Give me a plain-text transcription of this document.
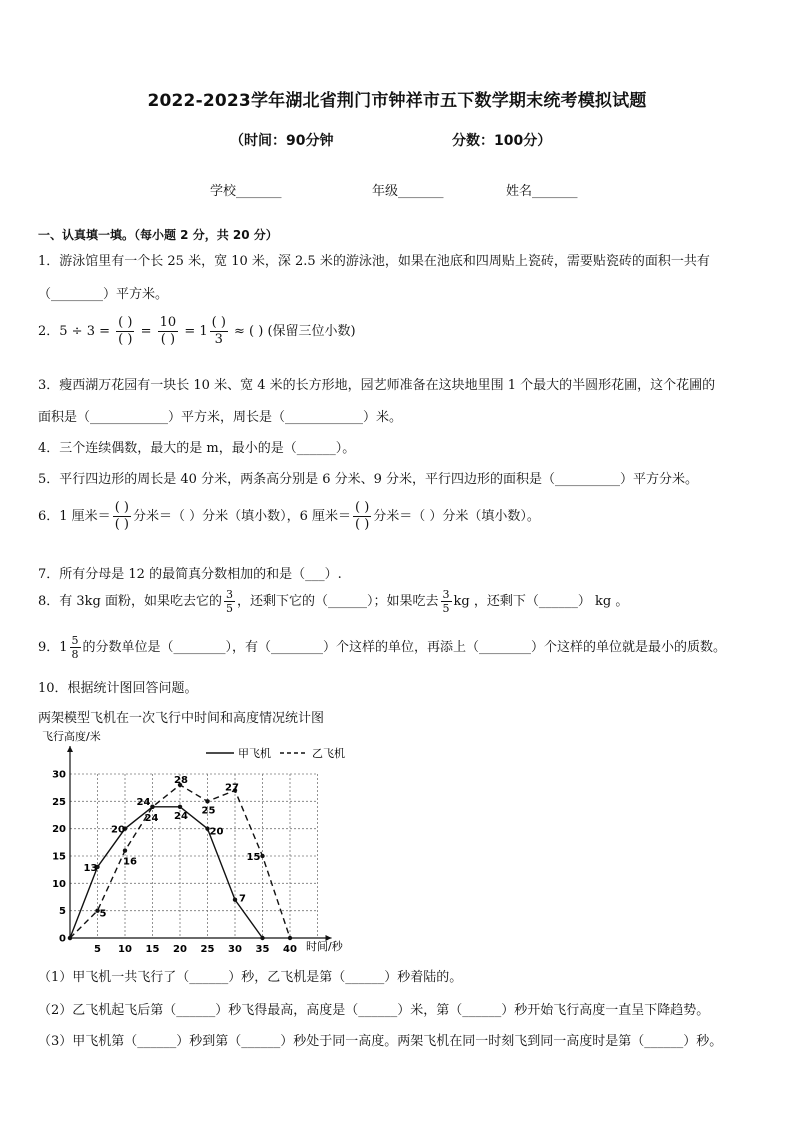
2022-2023学年湖北省荆门市钟祥市五下数学期末统考模拟试题
（时间：90分钟	分数：100分）
学校_______	年级_______	姓名_______
一、认真填一填。（每小题 2 分，共 20 分）
1．游泳馆里有一个长 25 米，宽 10 米，深 2.5 米的游泳池，如果在池底和四周贴上瓷砖，需要贴瓷砖的面积一共有
（________）平方米。
2．$5 \div 3 = \frac{( )}{( )} = \frac{10}{( )} = 1 \frac{( )}{3}$ ≈ ( ) (保留三位小数)
3．瘦西湖万花园有一块长 10 米、宽 4 米的长方形地，园艺师准备在这块地里围 1 个最大的半圆形花圃，这个花圃的
面积是（____________）平方米，周长是（____________）米。
4．三个连续偶数，最大的是 m，最小的是（______）。
5．平行四边形的周长是 40 分米，两条高分别是 6 分米、9 分米，平行四边形的面积是（__________）平方分米。
6．1 厘米＝ $\frac{( )}{( )}$ 分米＝（ ）分米（填小数），6 厘米＝ $\frac{( )}{( )}$ 分米＝（ ）分米（填小数）。
7．所有分母是 12 的最简真分数相加的和是（___）.
8．有 3kg 面粉，如果吃去它的 $\frac{3}{5}$ ，还剩下它的（______）；如果吃去 $\frac{3}{5}$ kg ，还剩下（______） kg 。
9．$1 \frac{5}{8}$ 的分数单位是（________），有（________）个这样的单位，再添上（________）个这样的单位就是最小的质数。
10．根据统计图回答问题。
两架模型飞机在一次飞行中时间和高度情况统计图
5 10 15 20 25 30 35 40
0
5
10
15
20
25
30
13
20
24
24
20
7
5
16
24
28
25
27
15
甲飞机	乙飞机
飞行高度/米
时间/秒
（1）甲飞机一共飞行了（______）秒，乙飞机是第（______）秒着陆的。
（2）乙飞机起飞后第（______）秒飞得最高，高度是（______）米，第（______）秒开始飞行高度一直呈下降趋势。
（3）甲飞机第（______）秒到第（______）秒处于同一高度。两架飞机在同一时刻飞到同一高度时是第（______）秒。
